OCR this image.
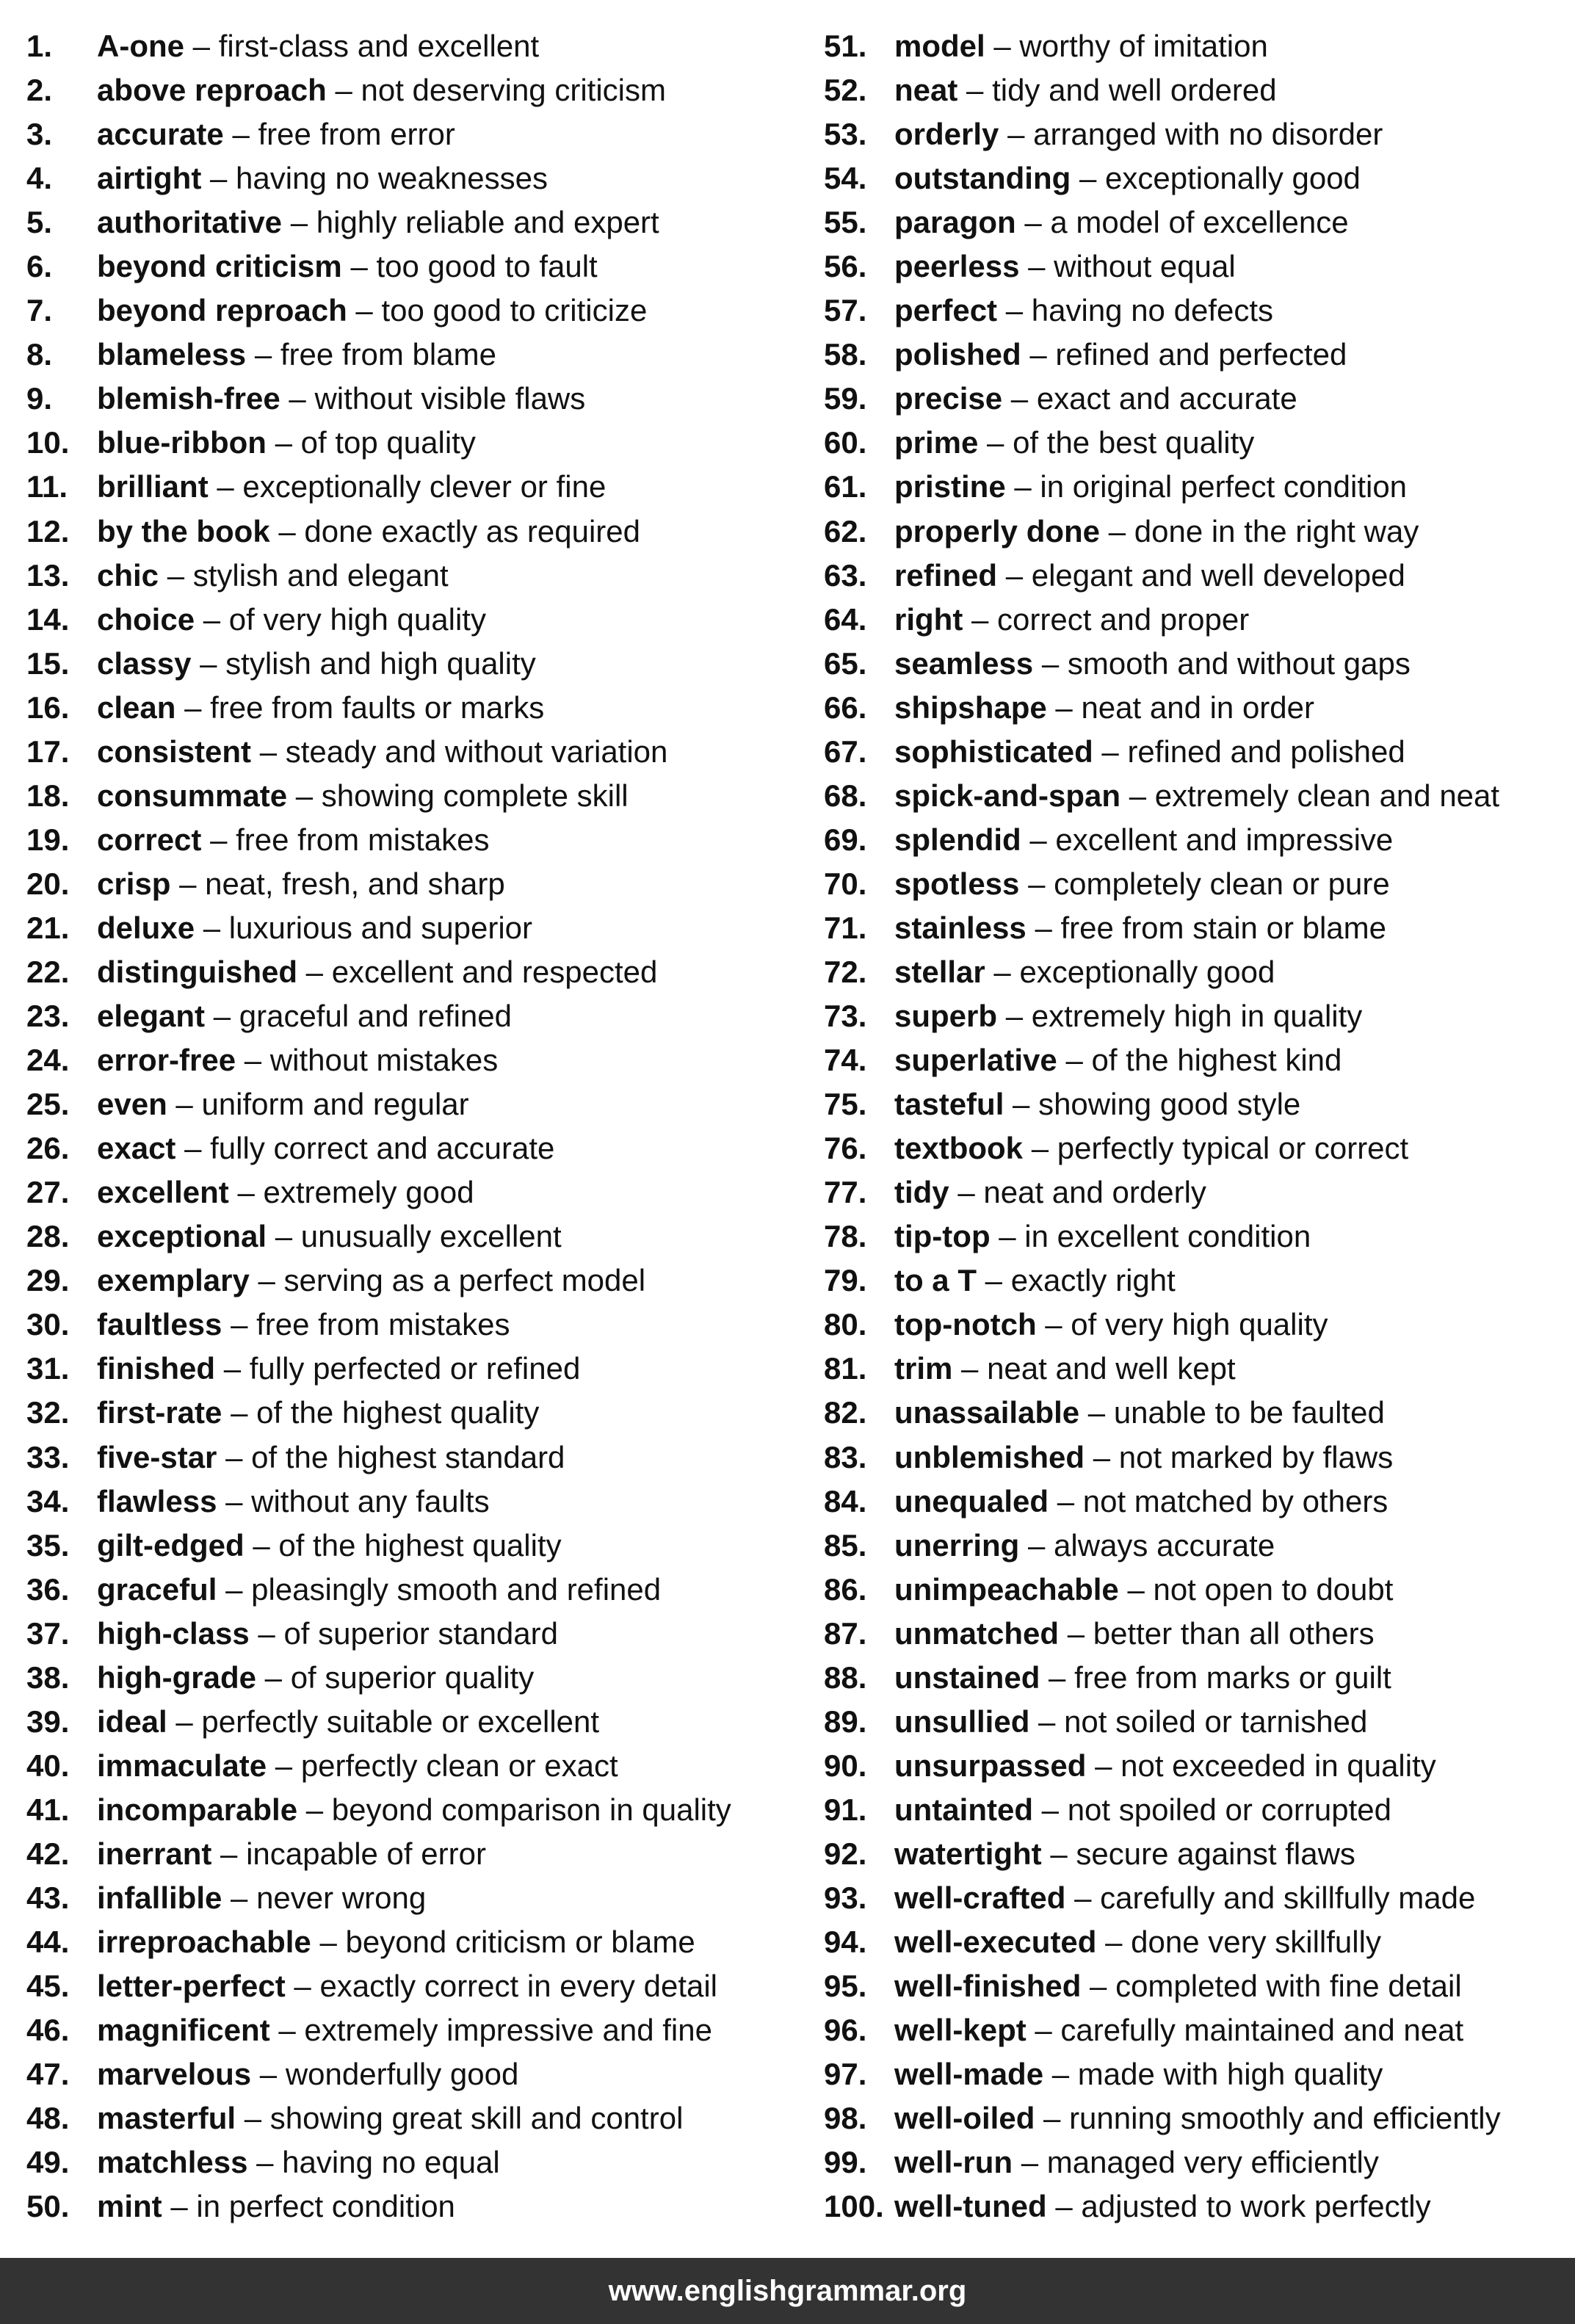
1. A-one – first-class and excellent
2. above reproach – not deserving criticism
3. accurate – free from error
4. airtight – having no weaknesses
5. authoritative – highly reliable and expert
6. beyond criticism – too good to fault
7. beyond reproach – too good to criticize
8. blameless – free from blame
9. blemish-free – without visible flaws
10. blue-ribbon – of top quality
11. brilliant – exceptionally clever or fine
12. by the book – done exactly as required
13. chic – stylish and elegant
14. choice – of very high quality
15. classy – stylish and high quality
16. clean – free from faults or marks
17. consistent – steady and without variation
18. consummate – showing complete skill
19. correct – free from mistakes
20. crisp – neat, fresh, and sharp
21. deluxe – luxurious and superior
22. distinguished – excellent and respected
23. elegant – graceful and refined
24. error-free – without mistakes
25. even – uniform and regular
26. exact – fully correct and accurate
27. excellent – extremely good
28. exceptional – unusually excellent
29. exemplary – serving as a perfect model
30. faultless – free from mistakes
31. finished – fully perfected or refined
32. first-rate – of the highest quality
33. five-star – of the highest standard
34. flawless – without any faults
35. gilt-edged – of the highest quality
36. graceful – pleasingly smooth and refined
37. high-class – of superior standard
38. high-grade – of superior quality
39. ideal – perfectly suitable or excellent
40. immaculate – perfectly clean or exact
41. incomparable – beyond comparison in quality
42. inerrant – incapable of error
43. infallible – never wrong
44. irreproachable – beyond criticism or blame
45. letter-perfect – exactly correct in every detail
46. magnificent – extremely impressive and fine
47. marvelous – wonderfully good
48. masterful – showing great skill and control
49. matchless – having no equal
50. mint – in perfect condition
51. model – worthy of imitation
52. neat – tidy and well ordered
53. orderly – arranged with no disorder
54. outstanding – exceptionally good
55. paragon – a model of excellence
56. peerless – without equal
57. perfect – having no defects
58. polished – refined and perfected
59. precise – exact and accurate
60. prime – of the best quality
61. pristine – in original perfect condition
62. properly done – done in the right way
63. refined – elegant and well developed
64. right – correct and proper
65. seamless – smooth and without gaps
66. shipshape – neat and in order
67. sophisticated – refined and polished
68. spick-and-span – extremely clean and neat
69. splendid – excellent and impressive
70. spotless – completely clean or pure
71. stainless – free from stain or blame
72. stellar – exceptionally good
73. superb – extremely high in quality
74. superlative – of the highest kind
75. tasteful – showing good style
76. textbook – perfectly typical or correct
77. tidy – neat and orderly
78. tip-top – in excellent condition
79. to a T – exactly right
80. top-notch – of very high quality
81. trim – neat and well kept
82. unassailable – unable to be faulted
83. unblemished – not marked by flaws
84. unequaled – not matched by others
85. unerring – always accurate
86. unimpeachable – not open to doubt
87. unmatched – better than all others
88. unstained – free from marks or guilt
89. unsullied – not soiled or tarnished
90. unsurpassed – not exceeded in quality
91. untainted – not spoiled or corrupted
92. watertight – secure against flaws
93. well-crafted – carefully and skillfully made
94. well-executed – done very skillfully
95. well-finished – completed with fine detail
96. well-kept – carefully maintained and neat
97. well-made – made with high quality
98. well-oiled – running smoothly and efficiently
99. well-run – managed very efficiently
100. well-tuned – adjusted to work perfectly
www.englishgrammar.org
